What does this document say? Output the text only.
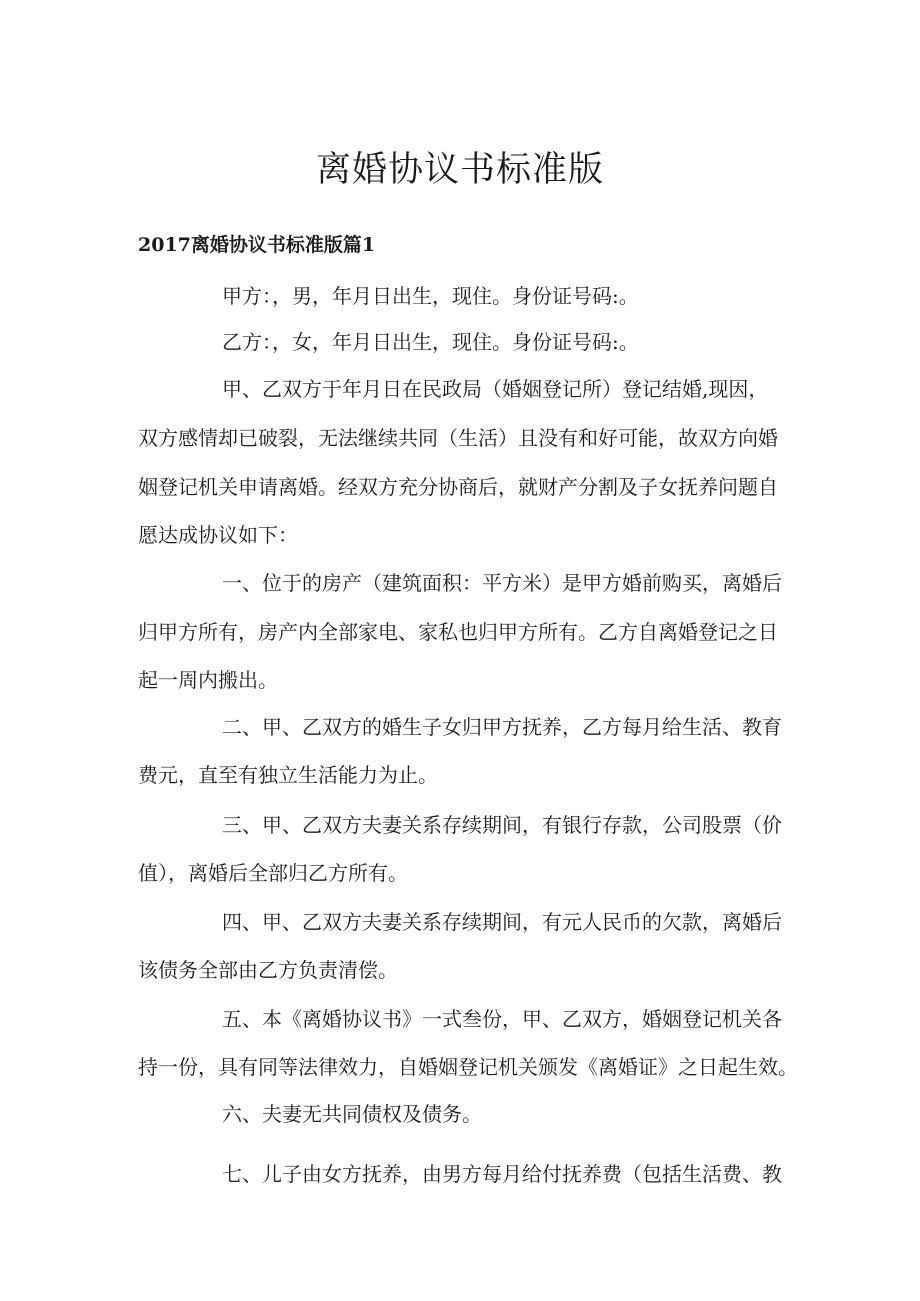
离婚协议书标准版

2017离婚协议书标准版篇1

甲方：，男，年月日出生，现住。身份证号码:。

乙方：，女，年月日出生，现住。身份证号码:。

甲、乙双方于年月日在民政局（婚姻登记所）登记结婚,现因，

双方感情却已破裂，无法继续共同（生活）且没有和好可能，故双方向婚

姻登记机关申请离婚。经双方充分协商后，就财产分割及子女抚养问题自

愿达成协议如下：

一、位于的房产（建筑面积：平方米）是甲方婚前购买，离婚后

归甲方所有，房产内全部家电、家私也归甲方所有。乙方自离婚登记之日

起一周内搬出。

二、甲、乙双方的婚生子女归甲方抚养，乙方每月给生活、教育

费元，直至有独立生活能力为止。

三、甲、乙双方夫妻关系存续期间，有银行存款，公司股票（价

值），离婚后全部归乙方所有。

四、甲、乙双方夫妻关系存续期间，有元人民币的欠款，离婚后

该债务全部由乙方负责清偿。

五、本《离婚协议书》一式叁份，甲、乙双方，婚姻登记机关各

持一份，具有同等法律效力，自婚姻登记机关颁发《离婚证》之日起生效。

六、夫妻无共同债权及债务。

七、儿子由女方抚养，由男方每月给付抚养费（包括生活费、教
